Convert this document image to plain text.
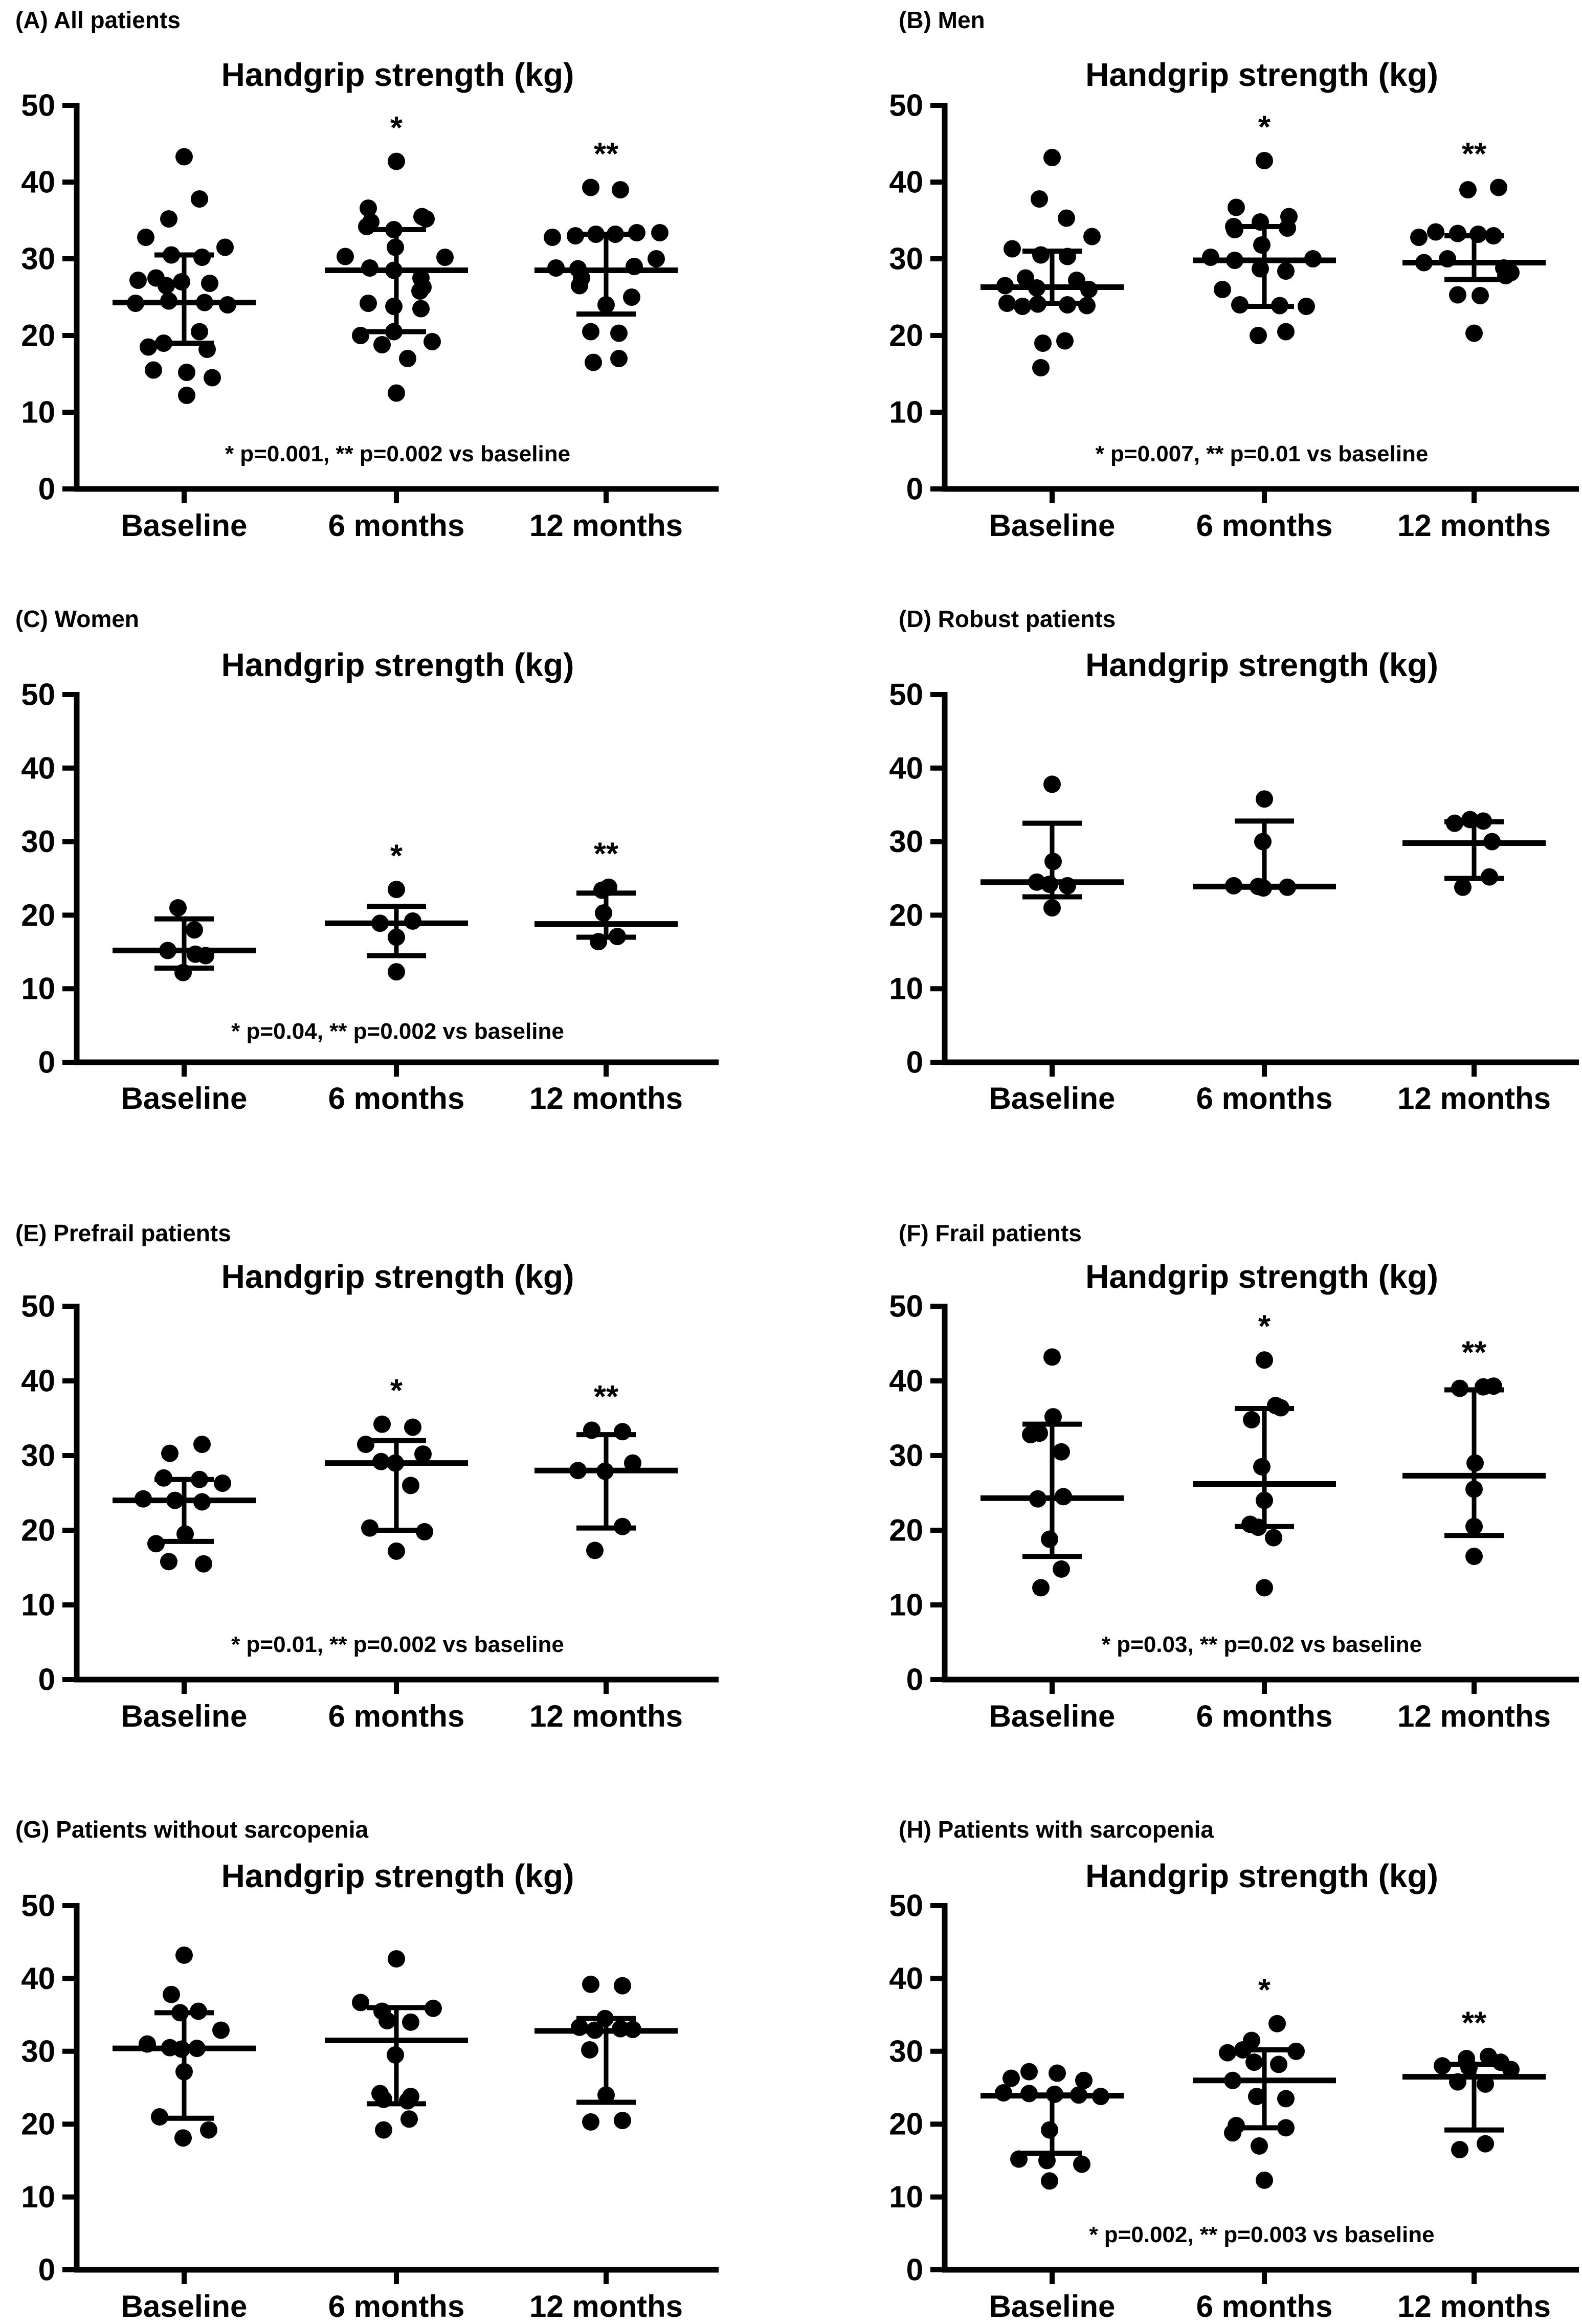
(A) All patients
Handgrip strength (kg)
0
10
20
30
40
50
Baseline	6 months
*
12 months
**
* p=0.001, ** p=0.002 vs baseline
(B) Men
Handgrip strength (kg)
0
10
20
30
40
50
Baseline	6 months
*
12 months
**
* p=0.007, ** p=0.01 vs baseline
(C) Women
Handgrip strength (kg)
0
10
20
30
40
50
Baseline	6 months
*
12 months
**
* p=0.04, ** p=0.002 vs baseline
(D) Robust patients
Handgrip strength (kg)
0
10
20
30
40
50
Baseline	6 months 12 months
(E) Prefrail patients
Handgrip strength (kg)
0
10
20
30
40
50
Baseline	6 months
*
12 months
**
* p=0.01, ** p=0.002 vs baseline
(F) Frail patients
Handgrip strength (kg)
0
10
20
30
40
50
Baseline	6 months
*
12 months
**
* p=0.03, ** p=0.02 vs baseline
(G) Patients without sarcopenia
Handgrip strength (kg)
0
10
20
30
40
50
Baseline	6 months 12 months
(H) Patients with sarcopenia
Handgrip strength (kg)
0
10
20
30
40
50
Baseline	6 months
*
12 months
**
* p=0.002, ** p=0.003 vs baseline
